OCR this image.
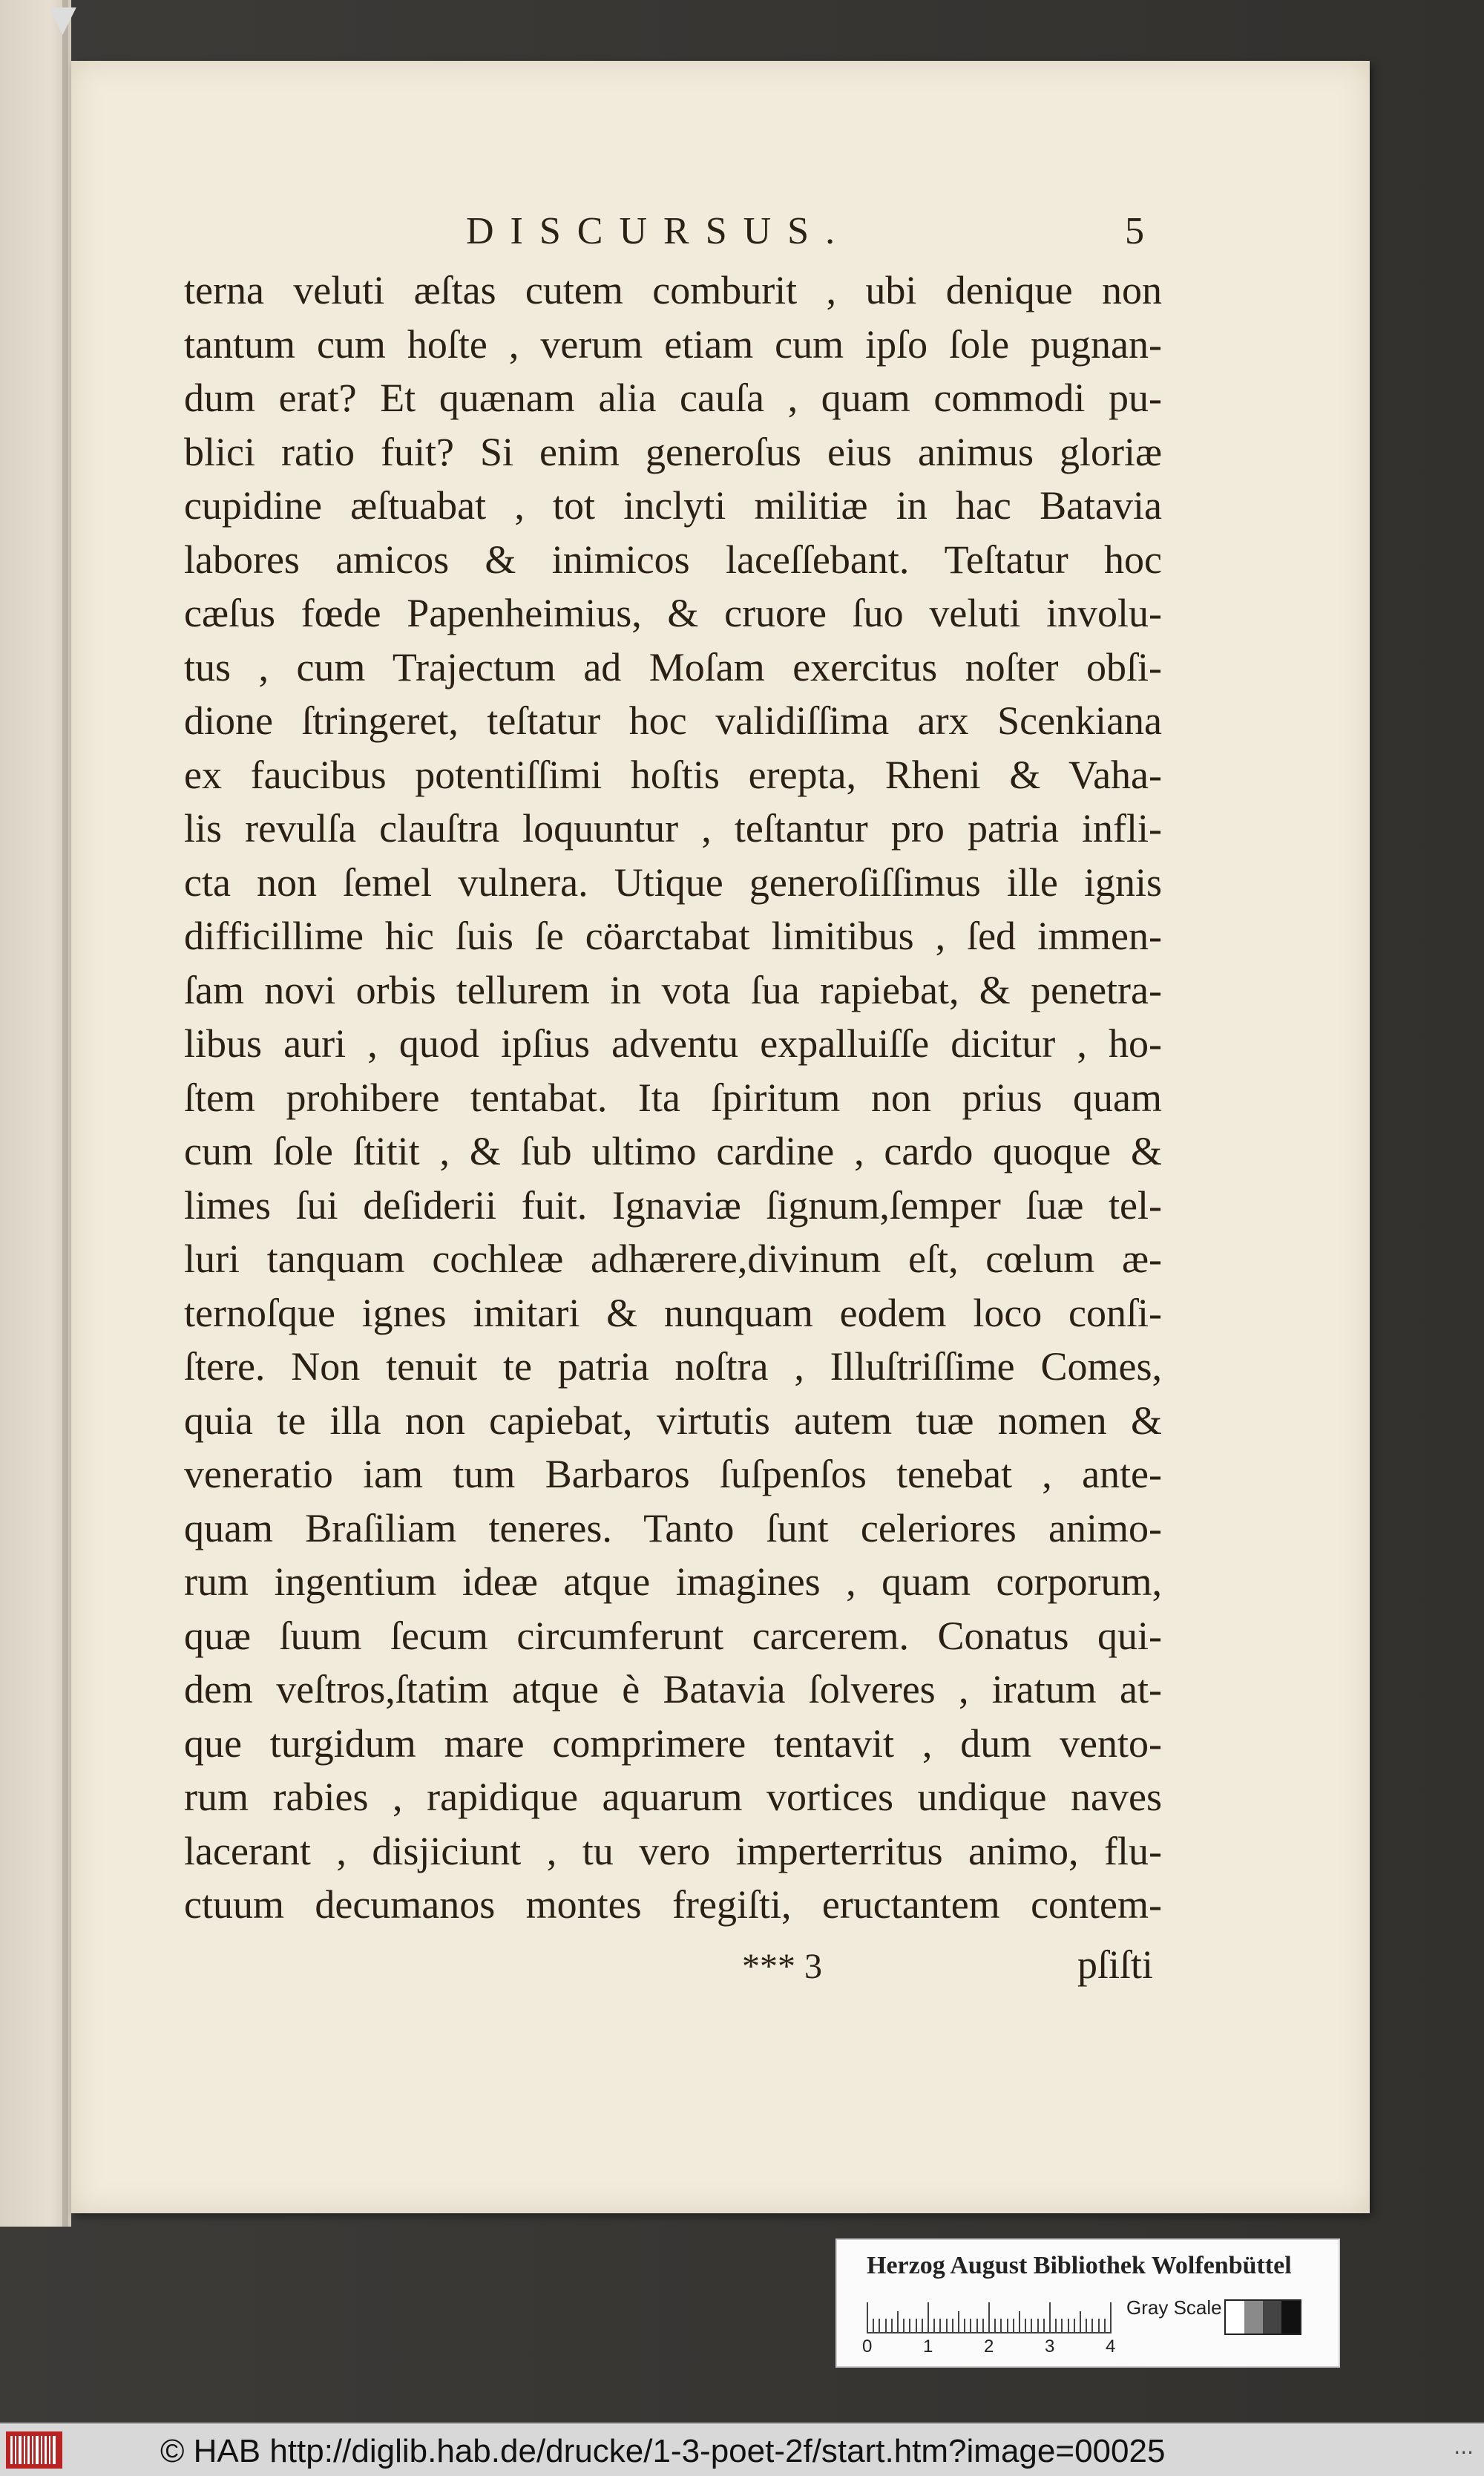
▼
DISCURSUS.	5
terna veluti æſtas cutem comburit , ubi denique non
tantum cum hoſte , verum etiam cum ipſo ſole pugnan-
dum erat? Et quænam alia cauſa , quam commodi pu-
blici ratio fuit? Si enim generoſus eius animus gloriæ
cupidine æſtuabat , tot inclyti militiæ in hac Batavia
labores amicos & inimicos laceſſebant. Teſtatur hoc
cæſus fœde Papenheimius, & cruore ſuo veluti involu-
tus , cum Trajectum ad Moſam exercitus noſter obſi-
dione ſtringeret, teſtatur hoc validiſſima arx Scenkiana
ex faucibus potentiſſimi hoſtis erepta, Rheni & Vaha-
lis revulſa clauſtra loquuntur , teſtantur pro patria infli-
cta non ſemel vulnera. Utique generoſiſſimus ille ignis
difficillime hic ſuis ſe cöarctabat limitibus , ſed immen-
ſam novi orbis tellurem in vota ſua rapiebat, & penetra-
libus auri , quod ipſius adventu expalluiſſe dicitur , ho-
ſtem prohibere tentabat. Ita ſpiritum non prius quam
cum ſole ſtitit , & ſub ultimo cardine , cardo quoque &
limes ſui deſiderii fuit. Ignaviæ ſignum,ſemper ſuæ tel-
luri tanquam cochleæ adhærere,divinum eſt, cœlum æ-
ternoſque ignes imitari & nunquam eodem loco conſi-
ſtere. Non tenuit te patria noſtra , Illuſtriſſime Comes,
quia te illa non capiebat, virtutis autem tuæ nomen &
veneratio iam tum Barbaros ſuſpenſos tenebat , ante-
quam Braſiliam teneres. Tanto ſunt celeriores animo-
rum ingentium ideæ atque imagines , quam corporum,
quæ ſuum ſecum circumferunt carcerem. Conatus qui-
dem veſtros,ſtatim atque è Batavia ſolveres , iratum at-
que turgidum mare comprimere tentavit , dum vento-
rum rabies , rapidique aquarum vortices undique naves
lacerant , disjiciunt , tu vero imperterritus animo, flu-
ctuum decumanos montes fregiſti, eructantem contem-
*** 3	pſiſti
Herzog August Bibliothek Wolfenbüttel
0	1	2	3	4
Gray Scale
© HAB http://diglib.hab.de/drucke/1-3-poet-2f/start.htm?image=00025	...
